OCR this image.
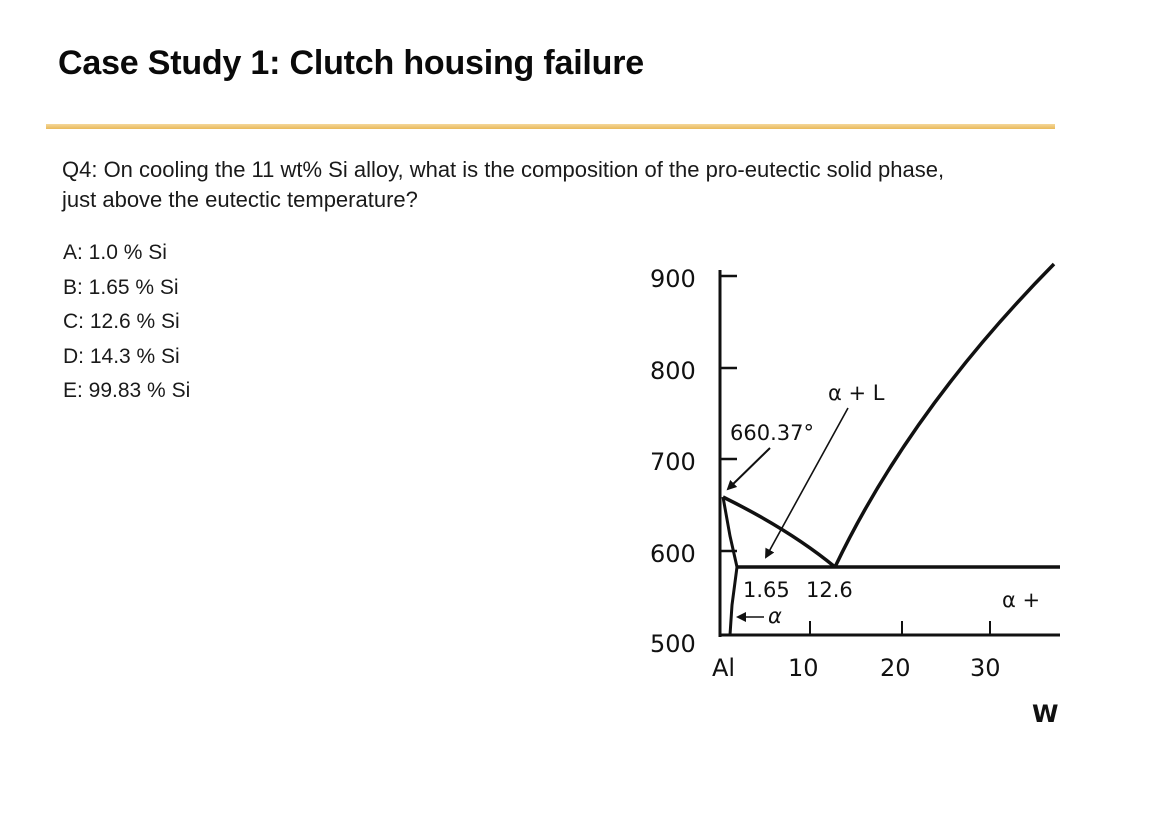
Case Study 1: Clutch housing failure

Q4: On cooling the 11 wt% Si alloy, what is the composition of the pro-eutectic solid phase, just above the eutectic temperature?

A: 1.0 % Si
B: 1.65 % Si
C: 12.6 % Si
D: 14.3 % Si
E: 99.83 % Si
900
800
700
600
500
Al 10	20 30
W
660.37°
α + L
1.65 12.6
α
α +
